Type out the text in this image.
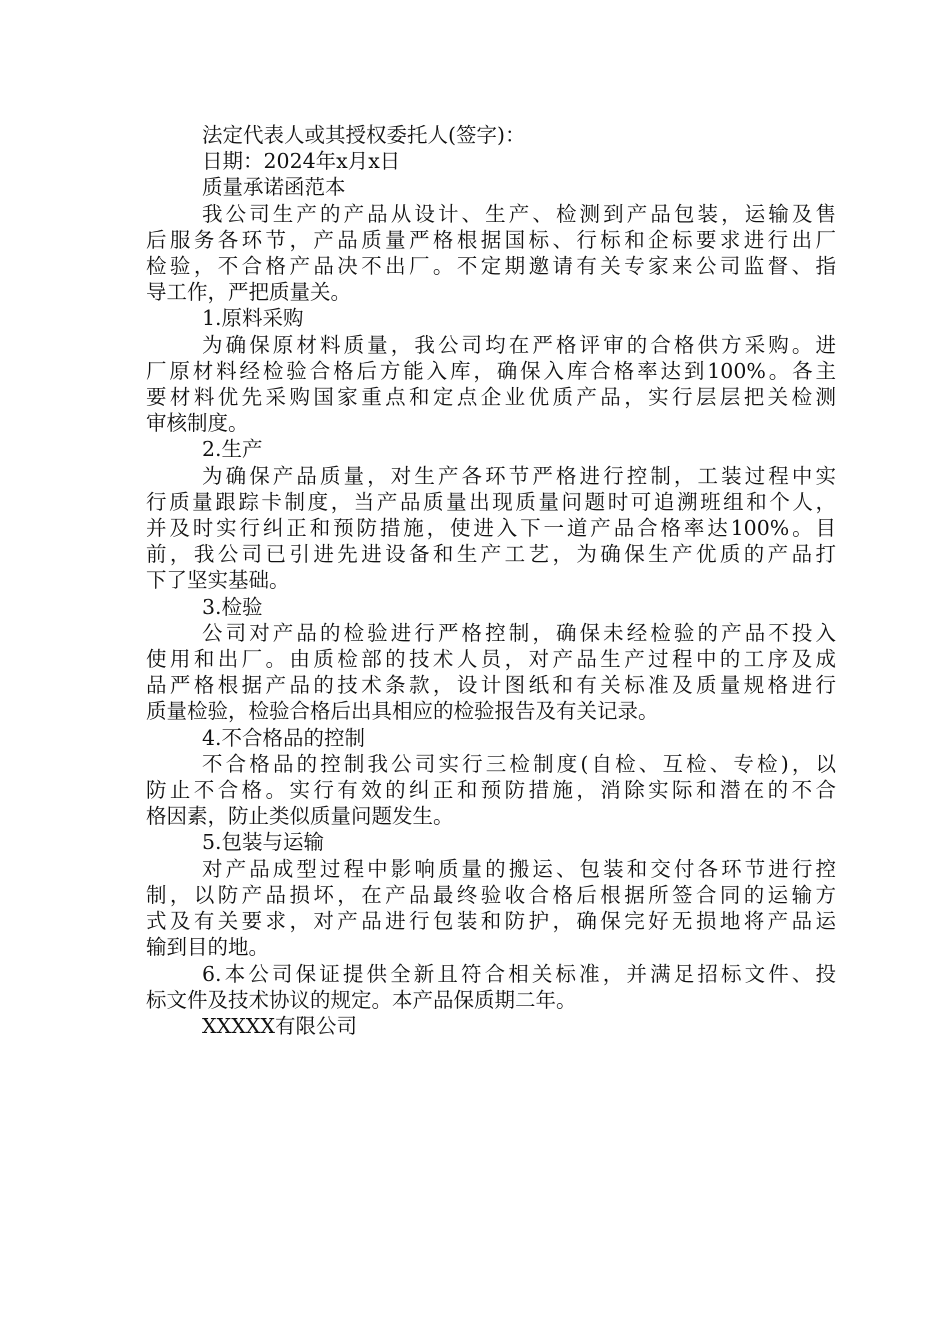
法定代表人或其授权委托人(签字)：
日期：2024年x月x日
质量承诺函范本
我公司生产的产品从设计、生产、检测到产品包装，运输及售
后服务各环节，产品质量严格根据国标、行标和企标要求进行出厂
检验，不合格产品决不出厂。不定期邀请有关专家来公司监督、指
导工作，严把质量关。
1.原料采购
为确保原材料质量，我公司均在严格评审的合格供方采购。进
厂原材料经检验合格后方能入库，确保入库合格率达到100%。各主
要材料优先采购国家重点和定点企业优质产品，实行层层把关检测
审核制度。
2.生产
为确保产品质量，对生产各环节严格进行控制，工装过程中实
行质量跟踪卡制度，当产品质量出现质量问题时可追溯班组和个人，
并及时实行纠正和预防措施，使进入下一道产品合格率达100%。目
前，我公司已引进先进设备和生产工艺，为确保生产优质的产品打
下了坚实基础。
3.检验
公司对产品的检验进行严格控制，确保未经检验的产品不投入
使用和出厂。由质检部的技术人员，对产品生产过程中的工序及成
品严格根据产品的技术条款，设计图纸和有关标准及质量规格进行
质量检验，检验合格后出具相应的检验报告及有关记录。
4.不合格品的控制
不合格品的控制我公司实行三检制度(自检、互检、专检)，以
防止不合格。实行有效的纠正和预防措施，消除实际和潜在的不合
格因素，防止类似质量问题发生。
5.包装与运输
对产品成型过程中影响质量的搬运、包装和交付各环节进行控
制，以防产品损坏，在产品最终验收合格后根据所签合同的运输方
式及有关要求，对产品进行包装和防护，确保完好无损地将产品运
输到目的地。
6.本公司保证提供全新且符合相关标准，并满足招标文件、投
标文件及技术协议的规定。本产品保质期二年。
XXXXX有限公司
